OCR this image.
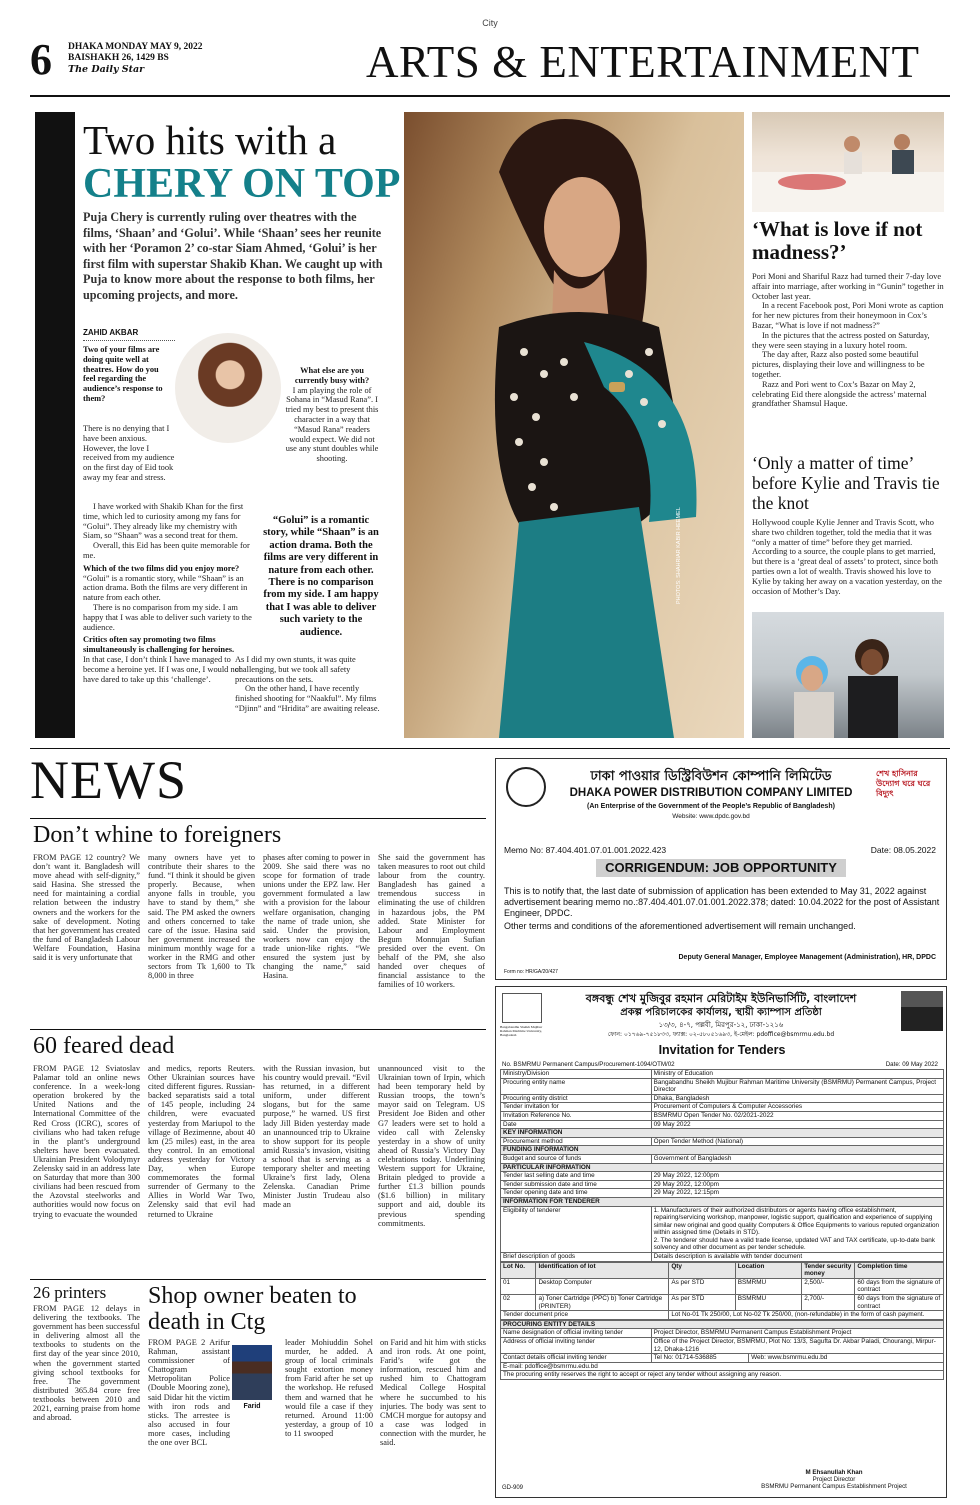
City
6 DHAKA MONDAY MAY 9, 2022
BAISHAKH 26, 1429 BS
The Daily Star	ARTS & ENTERTAINMENT
Two hits with a
CHERY ON TOP
Puja Chery is currently ruling over theatres with the films, ‘Shaan’ and ‘Golui’. While ‘Shaan’ sees her reunite with her ‘Poramon 2’ co-star Siam Ahmed, ‘Golui’ is her first film with superstar Shakib Khan. We caught up with Puja to know more about the response to both films, her upcoming projects, and more.
ZAHID AKBAR
Two of your films are doing quite well at theatres. How do you feel regarding the audience’s response to them?
There is no denying that I have been anxious. However, the love I received from my audience on the first day of Eid took away my fear and stress.
I have worked with Shakib Khan for the first time, which led to curiosity among my fans for “Golui”. They already like my chemistry with Siam, so “Shaan” was a second treat for them.
Overall, this Eid has been quite memorable for me.
Which of the two films did you enjoy more?
“Golui” is a romantic story, while “Shaan” is an action drama. Both the films are very different in nature from each other.
There is no comparison from my side. I am happy that I was able to deliver such variety to the audience.
Critics often say promoting two films simultaneously is challenging for heroines.
In that case, I don’t think I have managed to become a heroine yet. If I was one, I would not have dared to take up this ‘challenge’.
What else are you currently busy with?
I am playing the role of Sohana in “Masud Rana”. I tried my best to present this character in a way that “Masud Rana” readers would expect. We did not use any stunt doubles while shooting.
“Golui” is a romantic story, while “Shaan” is an action drama. Both the films are very different in nature from each other. There is no comparison from my side. I am happy that I was able to deliver such variety to the audience.
As I did my own stunts, it was quite challenging, but we took all safety precautions on the sets.
On the other hand, I have recently finished shooting for “Naakful”. My films “Djinn” and “Hridita” are awaiting release.
PHOTOS: SHAHRIAR KABIR HEEMEL
‘What is love if not madness?’
Pori Moni and Shariful Razz had turned their 7-day love affair into marriage, after working in “Gunin” together in October last year.
In a recent Facebook post, Pori Moni wrote as caption for her new pictures from their honeymoon in Cox’s Bazar, “What is love if not madness?”
In the pictures that the actress posted on Saturday, they were seen staying in a luxury hotel room.
The day after, Razz also posted some beautiful pictures, displaying their love and willingness to be together.
Razz and Pori went to Cox’s Bazar on May 2, celebrating Eid there alongside the actress’ maternal grandfather Shamsul Haque.
‘Only a matter of time’ before Kylie and Travis tie the knot
Hollywood couple Kylie Jenner and Travis Scott, who share two children together, told the media that it was “only a matter of time” before they get married. According to a source, the couple plans to get married, but there is a ‘great deal of assets’ to protect, since both parties own a lot of wealth. Travis showed his love to Kylie by taking her away on a vacation yesterday, on the occasion of Mother’s Day.
NEWS
Don’t whine to foreigners
FROM PAGE 12 country? We don’t want it. Bangladesh will move ahead with self-dignity,” said Hasina. She stressed the need for maintaining a cordial relation between the industry owners and the workers for the sake of development. Noting that her government has created the fund of Bangladesh Labour Welfare Foundation, Hasina said it is very unfortunate that
many owners have yet to contribute their shares to the fund. “I think it should be given properly. Because, when anyone falls in trouble, you have to stand by them,” she said. The PM asked the owners and others concerned to take care of the issue. Hasina said her government increased the minimum monthly wage for a worker in the RMG and other sectors from Tk 1,600 to Tk 8,000 in three
phases after coming to power in 2009. She said there was no scope for formation of trade unions under the EPZ law. Her government formulated a law with a provision for the labour welfare organisation, changing the name of trade union, she said. Under the provision, workers now can enjoy the trade union-like rights. “We ensured the system just by changing the name,” said Hasina.
She said the government has taken measures to root out child labour from the country. Bangladesh has gained a tremendous success in eliminating the use of children in hazardous jobs, the PM added. State Minister for Labour and Employment Begum Monnujan Sufian presided over the event. On behalf of the PM, she also handed over cheques of financial assistance to the families of 10 workers.
60 feared dead
FROM PAGE 12 Sviatoslav Palamar told an online news conference. In a week-long operation brokered by the United Nations and the International Committee of the Red Cross (ICRC), scores of civilians who had taken refuge in the plant’s underground shelters have been evacuated. Ukrainian President Volodymyr Zelensky said in an address late on Saturday that more than 300 civilians had been rescued from the Azovstal steelworks and authorities would now focus on trying to evacuate the wounded
and medics, reports Reuters. Other Ukrainian sources have cited different figures. Russian-backed separatists said a total of 145 people, including 24 children, were evacuated yesterday from Mariupol to the village of Bezimenne, about 40 km (25 miles) east, in the area they control. In an emotional address yesterday for Victory Day, when Europe commemorates the formal surrender of Germany to the Allies in World War Two, Zelensky said that evil had returned to Ukraine
with the Russian invasion, but his country would prevail. “Evil has returned, in a different uniform, under different slogans, but for the same purpose,” he warned. US first lady Jill Biden yesterday made an unannounced trip to Ukraine to show support for its people amid Russia’s invasion, visiting a school that is serving as a temporary shelter and meeting Ukraine’s first lady, Olena Zelenska. Canadian Prime Minister Justin Trudeau also made an
unannounced visit to the Ukrainian town of Irpin, which had been temporary held by Russian troops, the town’s mayor said on Telegram. US President Joe Biden and other G7 leaders were set to hold a video call with Zelensky yesterday in a show of unity ahead of Russia’s Victory Day celebrations today. Underlining Western support for Ukraine, Britain pledged to provide a further £1.3 billion pounds ($1.6 billion) in military support and aid, double its previous spending commitments.
26 printers
FROM PAGE 12 delays in delivering the textbooks. The government has been successful in delivering almost all the textbooks to students on the first day of the year since 2010, when the government started giving school textbooks for free. The government distributed 365.84 crore free textbooks between 2010 and 2021, earning praise from home and abroad.
Shop owner beaten to death in Ctg
Farid
FROM PAGE 2 Arifur Rahman, assistant commissioner of Chattogram Metropolitan Police (Double Mooring zone), said Didar hit the victim with iron rods and sticks. The arrestee is also accused in four more cases, including the one over BCL
leader Mohiuddin Sohel murder, he added. A group of local criminals sought extortion money from Farid after he set up the workshop. He refused them and warned that he would file a case if they returned. Around 11:00 yesterday, a group of 10 to 11 swooped
on Farid and hit him with sticks and iron rods. At one point, Farid’s wife got the information, rescued him and rushed him to Chattogram Medical College Hospital where he succumbed to his injuries. The body was sent to CMCH morgue for autopsy and a case was lodged in connection with the murder, he said.
ঢাকা পাওয়ার ডিস্ট্রিবিউশন কোম্পানি লিমিটেড
DHAKA POWER DISTRIBUTION COMPANY LIMITED
(An Enterprise of the Government of the People’s Republic of Bangladesh)
Website: www.dpdc.gov.bd
শেখ হাসিনার উদ্যোগ ঘরে ঘরে বিদ্যুৎ
Memo No: 87.404.401.07.01.001.2022.423	Date: 08.05.2022
CORRIGENDUM: JOB OPPORTUNITY
This is to notify that, the last date of submission of application has been extended to May 31, 2022 against advertisement bearing memo no.:87.404.401.07.01.001.2022.378; dated: 10.04.2022 for the post of Assistant Engineer, DPDC.
Other terms and conditions of the aforementioned advertisement will remain unchanged.
Deputy General Manager, Employee Management (Administration), HR, DPDC
Form no: HR/GA/20/427
বঙ্গবন্ধু শেখ মুজিবুর রহমান মেরিটাইম ইউনিভার্সিটি, বাংলাদেশ
প্রকল্প পরিচালকের কার্যালয়, স্থায়ী ক্যাম্পাস প্রতিষ্ঠা
১৩/৩, ৪-৭, পল্লবী, মিরপুর-১২, ঢাকা-১২১৬
ফোন: ০১৭৬৯-৭৫১৮৩৩, ফ্যাক্স: ০২-৫৮০৫১৬৯৩, ই-মেইল: pdoffice@bsmrmu.edu.bd
Bangabandhu Sheikh Mujibur Rahman Maritime University, Bangladesh
Invitation for Tenders
No. BSMRMU Permanent Campus/Procurement-1094/OTM/02	Date: 09 May 2022
Ministry/Division	Ministry of Education
Procuring entity name	Bangabandhu Sheikh Mujibur Rahman Maritime University (BSMRMU) Permanent Campus, Project Director
Procuring entity district	Dhaka, Bangladesh
Tender invitation for	Procurement of Computers & Computer Accessories
Invitation Reference No.	BSMRMU Open Tender No. 02/2021-2022
Date	09 May 2022
KEY INFORMATION	
Procurement method	Open Tender Method (National)
FUNDING INFORMATION	
Budget and source of funds	Government of Bangladesh
PARTICULAR INFORMATION	
Tender last selling date and time	29 May 2022, 12:00pm
Tender submission date and time	29 May 2022, 12:00pm
Tender opening date and time	29 May 2022, 12:15pm
INFORMATION FOR TENDERER	
Eligibility of tenderer	1. Manufacturers of their authorized distributors or agents having office establishment, repairing/servicing workshop, manpower, logistic support, qualification and experience of supplying similar new original and good quality Computers & Office Equipments to various reputed organization within assigned time (Details in STD).
2. The tenderer should have a valid trade license, updated VAT and TAX certificate, up-to-date bank solvency and other document as per tender schedule.

Brief description of goods	Details description is available with tender document
Lot No.	Identification of lot	Qty	Location	Tender security money	Completion time
01	Desktop Computer	As per STD	BSMRMU	2,500/-	60 days from the signature of contract
02	a) Toner Cartridge (PPC) b) Toner Cartridge (PRINTER)	As per STD	BSMRMU	2,700/-	60 days from the signature of contract
Tender document price		Lot No-01 Tk 250/00, Lot No-02 Tk 250/00, (non-refundable) in the form of cash payment.			
PROCURING ENTITY DETAILS		
Name designation of official inviting tender	Project Director, BSMRMU Permanent Campus Establishment Project	
Address of official inviting tender	Office of the Project Director, BSMRMU, Plot No: 13/3, Sagufta Dr. Akbar Paladi, Chourangi, Mirpur-12, Dhaka-1216	
Contact details official inviting tender	Tel No: 01714-536885	Web: www.bsmrmu.edu.bd
E-mail: pdoffice@bsmrmu.edu.bd		
The procuring entity reserves the right to accept or reject any tender without assigning any reason.		
M Ehsanullah Khan
Project Director
BSMRMU Permanent Campus Establishment Project
GD-909
